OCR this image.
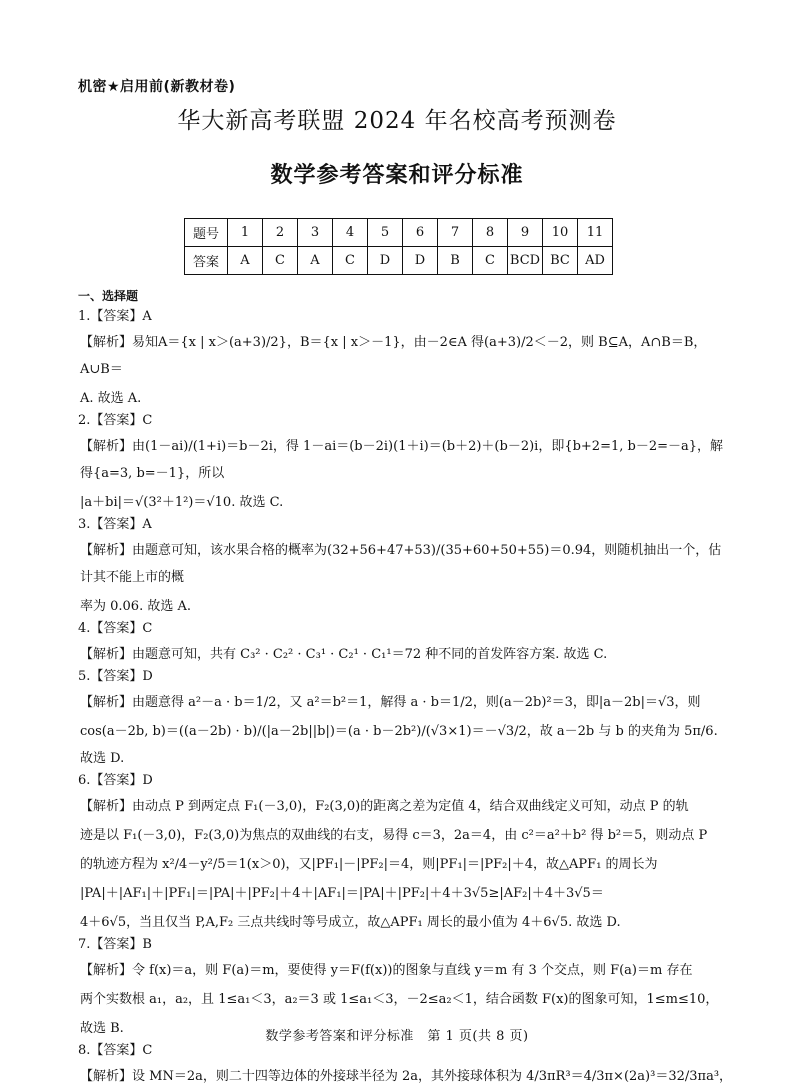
机密★启用前(新教材卷)
华大新高考联盟 2024 年名校高考预测卷
数学参考答案和评分标准
题号	1	2	3	4	5	6	7	8	9	10	11
答案	A	C	A	C	D	D	B	C	BCD	BC	AD
一、选择题
1.【答案】A
【解析】易知A＝{x | x＞(a+3)/2}，B＝{x | x＞－1}，由－2∈A 得(a+3)/2＜－2，则 B⊆A，A∩B＝B，A∪B＝
A. 故选 A.
2.【答案】C
【解析】由(1－ai)/(1+i)＝b－2i，得 1－ai＝(b－2i)(1＋i)＝(b＋2)＋(b－2)i，即{b+2=1, b－2=－a}，解得{a=3, b=－1}，所以
|a＋bi|＝√(3²＋1²)＝√10. 故选 C.
3.【答案】A
【解析】由题意可知，该水果合格的概率为(32+56+47+53)/(35+60+50+55)＝0.94，则随机抽出一个，估计其不能上市的概
率为 0.06. 故选 A.
4.【答案】C
【解析】由题意可知，共有 C₃² · C₂² · C₃¹ · C₂¹ · C₁¹＝72 种不同的首发阵容方案. 故选 C.
5.【答案】D
【解析】由题意得 a²－a · b＝1/2，又 a²＝b²＝1，解得 a · b＝1/2，则(a－2b)²＝3，即|a－2b|＝√3，则
cos(a－2b, b)＝((a－2b) · b)/(|a－2b||b|)＝(a · b－2b²)/(√3×1)＝－√3/2，故 a－2b 与 b 的夹角为 5π/6. 故选 D.
6.【答案】D
【解析】由动点 P 到两定点 F₁(－3,0)，F₂(3,0)的距离之差为定值 4，结合双曲线定义可知，动点 P 的轨
迹是以 F₁(－3,0)，F₂(3,0)为焦点的双曲线的右支，易得 c＝3，2a＝4，由 c²＝a²＋b² 得 b²＝5，则动点 P
的轨迹方程为 x²/4－y²/5＝1(x＞0)，又|PF₁|－|PF₂|＝4，则|PF₁|＝|PF₂|＋4，故△APF₁ 的周长为
|PA|＋|AF₁|＋|PF₁|＝|PA|＋|PF₂|＋4＋|AF₁|＝|PA|＋|PF₂|＋4＋3√5≥|AF₂|＋4＋3√5＝
4＋6√5，当且仅当 P,A,F₂ 三点共线时等号成立，故△APF₁ 周长的最小值为 4＋6√5. 故选 D.
7.【答案】B
【解析】令 f(x)＝a，则 F(a)＝m，要使得 y＝F(f(x))的图象与直线 y＝m 有 3 个交点，则 F(a)＝m 存在
两个实数根 a₁，a₂，且 1≤a₁＜3，a₂＝3 或 1≤a₁＜3，－2≤a₂＜1，结合函数 F(x)的图象可知，1≤m≤10，
故选 B.
8.【答案】C
【解析】设 MN＝2a，则二十四等边体的外接球半径为 2a，其外接球体积为 4/3πR³＝4/3π×(2a)³＝32/3πa³，
数学参考答案和评分标准　第 1 页(共 8 页)
